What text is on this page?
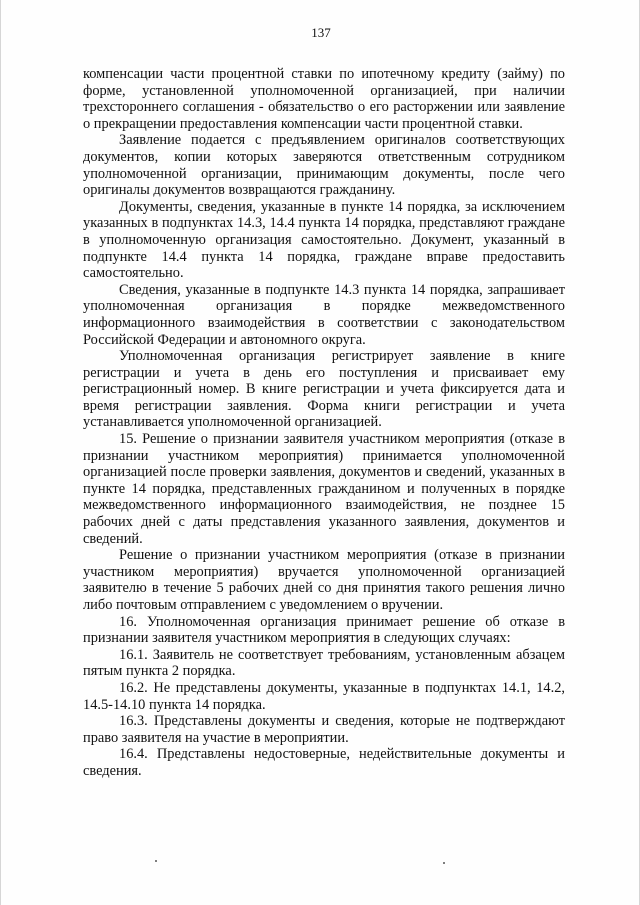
137

компенсации части процентной ставки по ипотечному кредиту (займу) по форме, установленной уполномоченной организацией, при наличии трехстороннего соглашения - обязательство о его расторжении или заявление о прекращении предоставления компенсации части процентной ставки.

Заявление подается с предъявлением оригиналов соответствующих документов, копии которых заверяются ответственным сотрудником уполномоченной организации, принимающим документы, после чего оригиналы документов возвращаются гражданину.

Документы, сведения, указанные в пункте 14 порядка, за исключением указанных в подпунктах 14.3, 14.4 пункта 14 порядка, представляют граждане в уполномоченную организация самостоятельно. Документ, указанный в подпункте 14.4 пункта 14 порядка, граждане вправе предоставить самостоятельно.

Сведения, указанные в подпункте 14.3 пункта 14 порядка, запрашивает уполномоченная организация в порядке межведомственного информационного взаимодействия в соответствии с законодательством Российской Федерации и автономного округа.

Уполномоченная организация регистрирует заявление в книге регистрации и учета в день его поступления и присваивает ему регистрационный номер. В книге регистрации и учета фиксируется дата и время регистрации заявления. Форма книги регистрации и учета устанавливается уполномоченной организацией.

15. Решение о признании заявителя участником мероприятия (отказе в признании участником мероприятия) принимается уполномоченной организацией после проверки заявления, документов и сведений, указанных в пункте 14 порядка, представленных гражданином и полученных в порядке межведомственного информационного взаимодействия, не позднее 15 рабочих дней с даты представления указанного заявления, документов и сведений.

Решение о признании участником мероприятия (отказе в признании участником мероприятия) вручается уполномоченной организацией заявителю в течение 5 рабочих дней со дня принятия такого решения лично либо почтовым отправлением с уведомлением о вручении.

16. Уполномоченная организация принимает решение об отказе в признании заявителя участником мероприятия в следующих случаях:

16.1. Заявитель не соответствует требованиям, установленным абзацем пятым пункта 2 порядка.

16.2. Не представлены документы, указанные в подпунктах 14.1, 14.2, 14.5-14.10 пункта 14 порядка.

16.3. Представлены документы и сведения, которые не подтверждают право заявителя на участие в мероприятии.

16.4. Представлены недостоверные, недействительные документы и сведения.
